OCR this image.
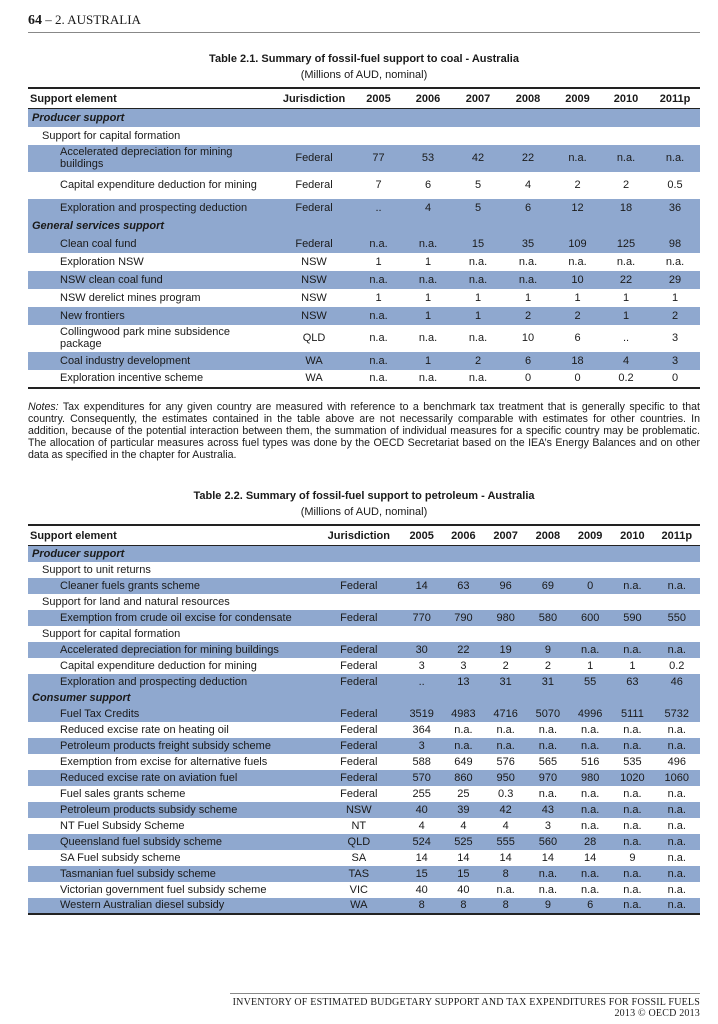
64 – 2. AUSTRALIA
Table 2.1. Summary of fossil-fuel support to coal - Australia
(Millions of AUD, nominal)
Support element	Jurisdiction	2005	2006	2007	2008	2009	2010	2011p
Producer support								
Support for capital formation								
Accelerated depreciation for mining buildings	Federal	77	53	42	22	n.a.	n.a.	n.a.
Capital expenditure deduction for mining	Federal	7	6	5	4	2	2	0.5
Exploration and prospecting deduction	Federal	..	4	5	6	12	18	36
General services support								
Clean coal fund	Federal	n.a.	n.a.	15	35	109	125	98
Exploration NSW	NSW	1	1	n.a.	n.a.	n.a.	n.a.	n.a.
NSW clean coal fund	NSW	n.a.	n.a.	n.a.	n.a.	10	22	29
NSW derelict mines program	NSW	1	1	1	1	1	1	1
New frontiers	NSW	n.a.	1	1	2	2	1	2
Collingwood park mine subsidence package	QLD	n.a.	n.a.	n.a.	10	6	..	3
Coal industry development	WA	n.a.	1	2	6	18	4	3
Exploration incentive scheme	WA	n.a.	n.a.	n.a.	0	0	0.2	0
Notes: Tax expenditures for any given country are measured with reference to a benchmark tax treatment that is generally specific to that country. Consequently, the estimates contained in the table above are not necessarily comparable with estimates for other countries. In addition, because of the potential interaction between them, the summation of individual measures for a specific country may be problematic. The allocation of particular measures across fuel types was done by the OECD Secretariat based on the IEA’s Energy Balances and on other data as specified in the chapter for Australia.
Table 2.2. Summary of fossil-fuel support to petroleum - Australia
(Millions of AUD, nominal)
Support element	Jurisdiction	2005	2006	2007	2008	2009	2010	2011p
Producer support								
Support to unit returns								
Cleaner fuels grants scheme	Federal	14	63	96	69	0	n.a.	n.a.
Support for land and natural resources								
Exemption from crude oil excise for condensate	Federal	770	790	980	580	600	590	550
Support for capital formation								
Accelerated depreciation for mining buildings	Federal	30	22	19	9	n.a.	n.a.	n.a.
Capital expenditure deduction for mining	Federal	3	3	2	2	1	1	0.2
Exploration and prospecting deduction	Federal	..	13	31	31	55	63	46
Consumer support								
Fuel Tax Credits	Federal	3519	4983	4716	5070	4996	5111	5732
Reduced excise rate on heating oil	Federal	364	n.a.	n.a.	n.a.	n.a.	n.a.	n.a.
Petroleum products freight subsidy scheme	Federal	3	n.a.	n.a.	n.a.	n.a.	n.a.	n.a.
Exemption from excise for alternative fuels	Federal	588	649	576	565	516	535	496
Reduced excise rate on aviation fuel	Federal	570	860	950	970	980	1020	1060
Fuel sales grants scheme	Federal	255	25	0.3	n.a.	n.a.	n.a.	n.a.
Petroleum products subsidy scheme	NSW	40	39	42	43	n.a.	n.a.	n.a.
NT Fuel Subsidy Scheme	NT	4	4	4	3	n.a.	n.a.	n.a.
Queensland fuel subsidy scheme	QLD	524	525	555	560	28	n.a.	n.a.
SA Fuel subsidy scheme	SA	14	14	14	14	14	9	n.a.
Tasmanian fuel subsidy scheme	TAS	15	15	8	n.a.	n.a.	n.a.	n.a.
Victorian government fuel subsidy scheme	VIC	40	40	n.a.	n.a.	n.a.	n.a.	n.a.
Western Australian diesel subsidy	WA	8	8	8	9	6	n.a.	n.a.
INVENTORY OF ESTIMATED BUDGETARY SUPPORT AND TAX EXPENDITURES FOR FOSSIL FUELS 2013 © OECD 2013
